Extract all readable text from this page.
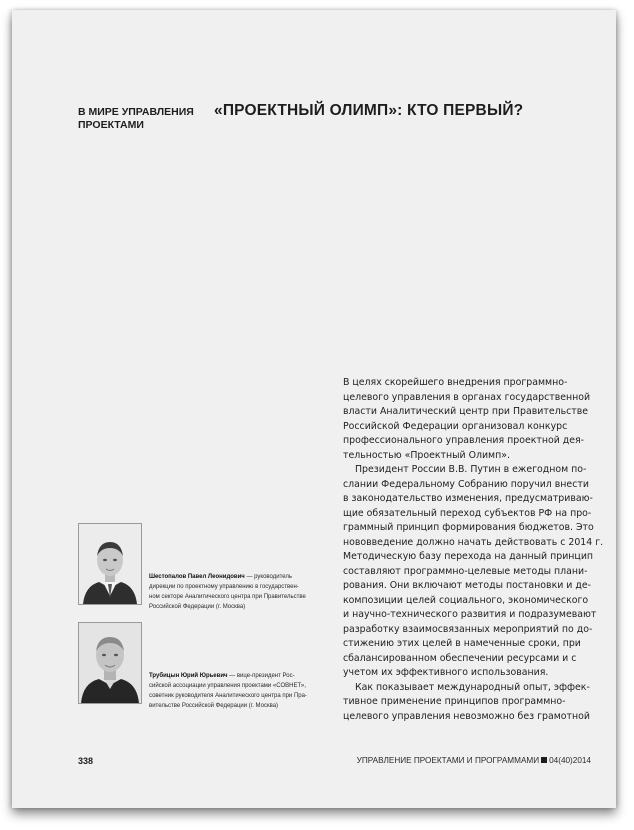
В МИРЕ УПРАВЛЕНИЯ
ПРОЕКТАМИ
«ПРОЕКТНЫЙ ОЛИМП»: КТО ПЕРВЫЙ?
Шестопалов Павел Леонидович — руководитель
дирекции по проектному управлению в государствен-
ном секторе Аналитического центра при Правительстве
Российской Федерации (г. Москва)
Трубицын Юрий Юрьевич — вице-президент Рос-
сийской ассоциации управления проектами «СОВНЕТ»,
советник руководителя Аналитического центра при Пра-
вительстве Российской Федерации (г. Москва)
В целях скорейшего внедрения программно-
целевого управления в органах государственной
власти Аналитический центр при Правительстве
Российской Федерации организовал конкурс
профессионального управления проектной дея-
тельностью «Проектный Олимп».
Президент России В.В. Путин в ежегодном по-
слании Федеральному Собранию поручил внести
в законодательство изменения, предусматриваю-
щие обязательный переход субъектов РФ на про-
граммный принцип формирования бюджетов. Это
нововведение должно начать действовать с 2014 г.
Методическую базу перехода на данный принцип
составляют программно-целевые методы плани-
рования. Они включают методы постановки и де-
композиции целей социального, экономического
и научно-технического развития и подразумевают
разработку взаимосвязанных мероприятий по до-
стижению этих целей в намеченные сроки, при
сбалансированном обеспечении ресурсами и с
учетом их эффективного использования.
Как показывает международный опыт, эффек-
тивное применение принципов программно-
целевого управления невозможно без грамотной
338	УПРАВЛЕНИЕ ПРОЕКТАМИ И ПРОГРАММАМИ 04(40)2014
